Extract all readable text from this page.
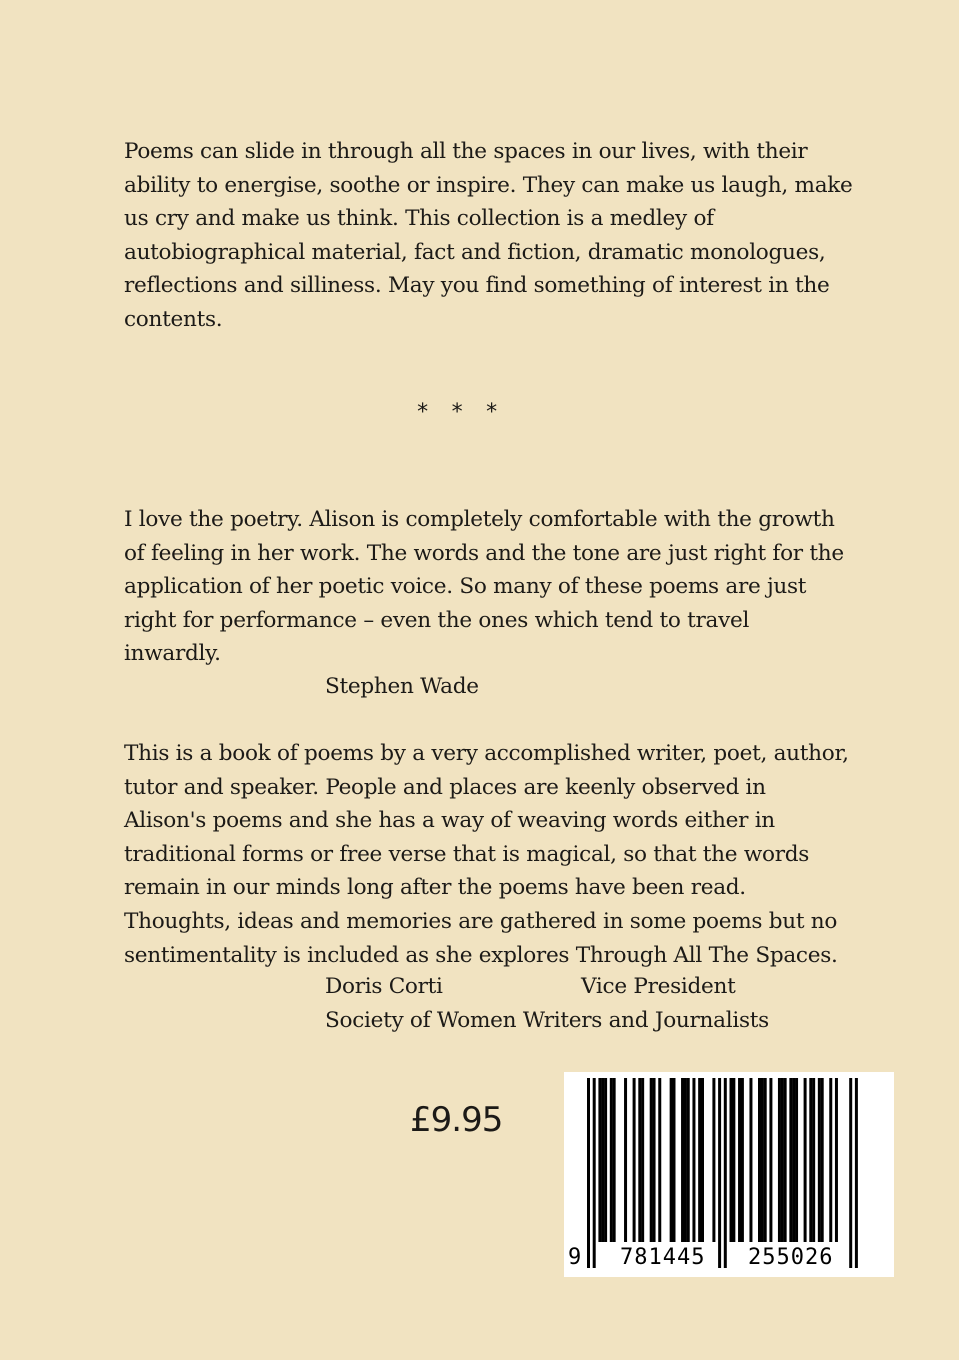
Poems can slide in through all the spaces in our lives, with their
ability to energise, soothe or inspire. They can make us laugh, make
us cry and make us think. This collection is a medley of
autobiographical material, fact and fiction, dramatic monologues,
reflections and silliness. May you find something of interest in the
contents.
* * *
I love the poetry. Alison is completely comfortable with the growth
of feeling in her work. The words and the tone are just right for the
application of her poetic voice. So many of these poems are just
right for performance – even the ones which tend to travel
inwardly.
Stephen Wade
This is a book of poems by a very accomplished writer, poet, author,
tutor and speaker. People and places are keenly observed in
Alison's poems and she has a way of weaving words either in
traditional forms or free verse that is magical, so that the words
remain in our minds long after the poems have been read.
Thoughts, ideas and memories are gathered in some poems but no
sentimentality is included as she explores Through All The Spaces.
Doris Corti	Vice President
Society of Women Writers and Journalists
£9.95
9 781445 255026
